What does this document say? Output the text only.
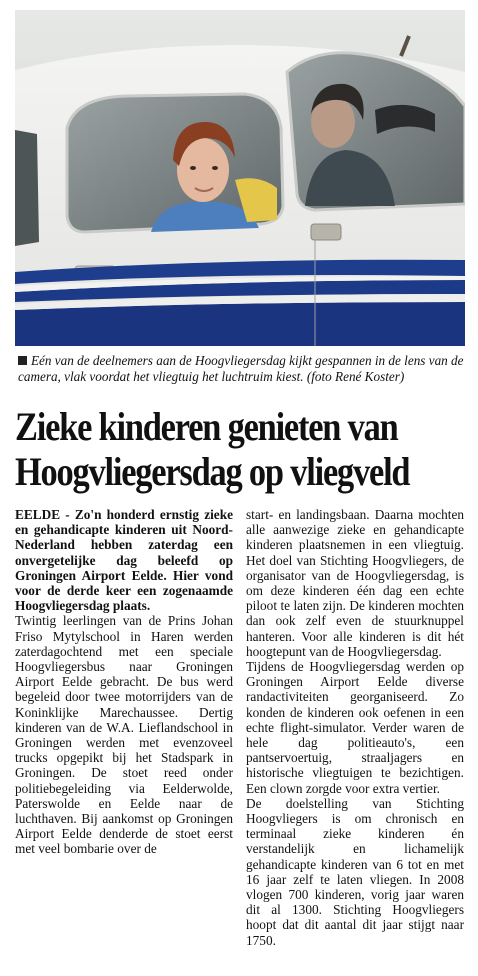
Eén van de deelnemers aan de Hoogvliegersdag kijkt gespannen in de lens van de camera, vlak voordat het vliegtuig het luchtruim kiest. (foto René Koster)
Zieke kinderen genieten van
Hoogvliegersdag op vliegveld

EELDE - Zo'n honderd ernstig zieke en gehandicapte kinderen uit Noord-Nederland hebben zaterdag een onvergetelijke dag beleefd op Groningen Airport Eelde. Hier vond voor de derde keer een zogenaamde Hoogvliegersdag plaats.

Twintig leerlingen van de Prins Johan Friso Mytylschool in Haren werden zaterdagochtend met een speciale Hoogvliegersbus naar Groningen Airport Eelde gebracht. De bus werd begeleid door twee motorrijders van de Koninklijke Marechaussee. Dertig kinderen van de W.A. Lieflandschool in Groningen werden met evenzoveel trucks opgepikt bij het Stadspark in Groningen. De stoet reed onder politiebegeleiding via Eelderwolde, Paterswolde en Eelde naar de luchthaven. Bij aankomst op Groningen Airport Eelde denderde de stoet eerst met veel bombarie over de

start- en landingsbaan. Daarna mochten alle aanwezige zieke en gehandicapte kinderen plaatsnemen in een vliegtuig. Het doel van Stichting Hoogvliegers, de organisator van de Hoogvliegersdag, is om deze kinderen één dag een echte piloot te laten zijn. De kinderen mochten dan ook zelf even de stuurknuppel hanteren. Voor alle kinderen is dit hét hoogtepunt van de Hoogvliegersdag.

Tijdens de Hoogvliegersdag werden op Groningen Airport Eelde diverse randactiviteiten georganiseerd. Zo konden de kinderen ook oefenen in een echte flight-simulator. Verder waren de hele dag politieauto's, een pantservoertuig, straaljagers en historische vliegtuigen te bezichtigen. Een clown zorgde voor extra vertier.

De doelstelling van Stichting Hoogvliegers is om chronisch en terminaal zieke kinderen én verstandelijk en lichamelijk gehandicapte kinderen van 6 tot en met 16 jaar zelf te laten vliegen. In 2008 vlogen 700 kinderen, vorig jaar waren dit al 1300. Stichting Hoogvliegers hoopt dat dit aantal dit jaar stijgt naar 1750.
